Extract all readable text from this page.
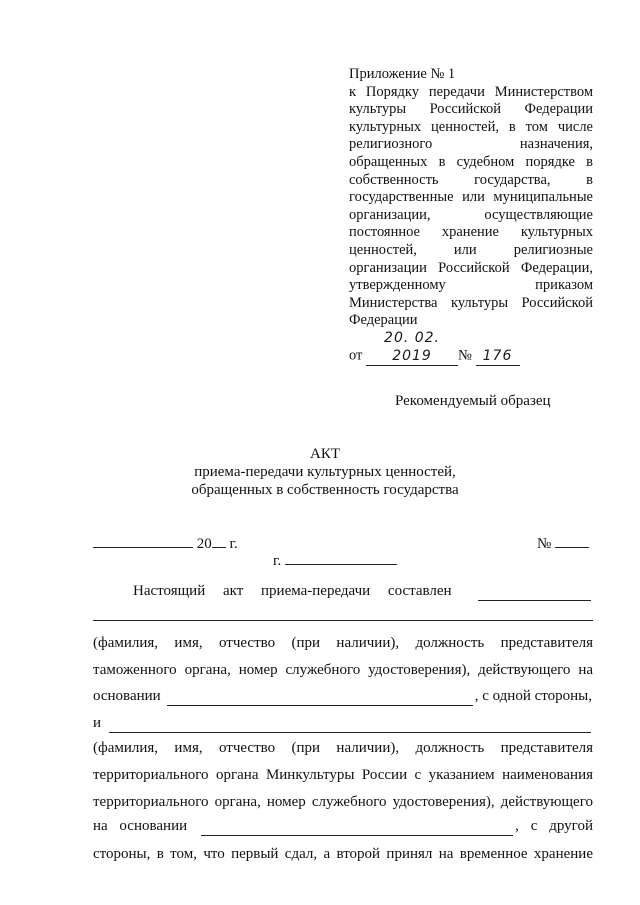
Приложение № 1
к Порядку передачи Министерством
культуры Российской Федерации
культурных ценностей, в том числе
религиозного назначения,
обращенных в судебном порядке в
собственность государства, в
государственные или муниципальные
организации, осуществляющие
постоянное хранение культурных
ценностей, или религиозные
организации Российской Федерации,
утвержденному приказом
Министерства культуры Российской
Федерации
от 20. 02. 2019 № 176
Рекомендуемый образец
АКТ
приема-передачи культурных ценностей,
обращенных в собственность государства
20 г.	№
г.
Настоящий акт приема-передачи составлен
(фамилия, имя, отчество (при наличии), должность представителя
таможенного органа, номер служебного удостоверения), действующего на
основании	, с одной стороны,
и
(фамилия, имя, отчество (при наличии), должность представителя
территориального органа Минкультуры России с указанием наименования
территориального органа, номер служебного удостоверения), действующего
на основании	, с другой
стороны, в том, что первый сдал, а второй принял на временное хранение
